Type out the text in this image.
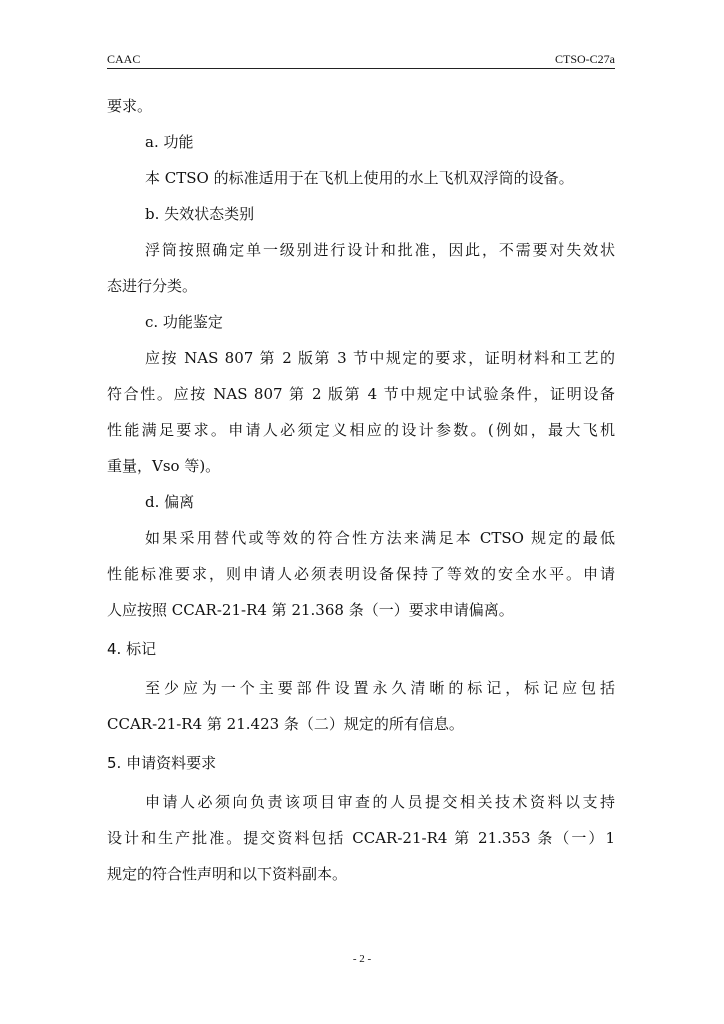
CAAC	CTSO-C27a
要求。
a. 功能
本 CTSO 的标准适用于在飞机上使用的水上飞机双浮筒的设备。
b. 失效状态类别
浮筒按照确定单一级别进行设计和批准，因此，不需要对失效状
态进行分类。
c. 功能鉴定
应按 NAS 807 第 2 版第 3 节中规定的要求，证明材料和工艺的
符合性。应按 NAS 807 第 2 版第 4 节中规定中试验条件，证明设备
性能满足要求。申请人必须定义相应的设计参数。(例如，最大飞机
重量，Vso 等)。
d. 偏离
如果采用替代或等效的符合性方法来满足本 CTSO 规定的最低
性能标准要求，则申请人必须表明设备保持了等效的安全水平。申请
人应按照 CCAR-21-R4 第 21.368 条（一）要求申请偏离。
4. 标记
至少应为一个主要部件设置永久清晰的标记，标记应包括
CCAR-21-R4 第 21.423 条（二）规定的所有信息。
5. 申请资料要求
申请人必须向负责该项目审查的人员提交相关技术资料以支持
设计和生产批准。提交资料包括 CCAR-21-R4 第 21.353 条（一）1
规定的符合性声明和以下资料副本。
- 2 -
